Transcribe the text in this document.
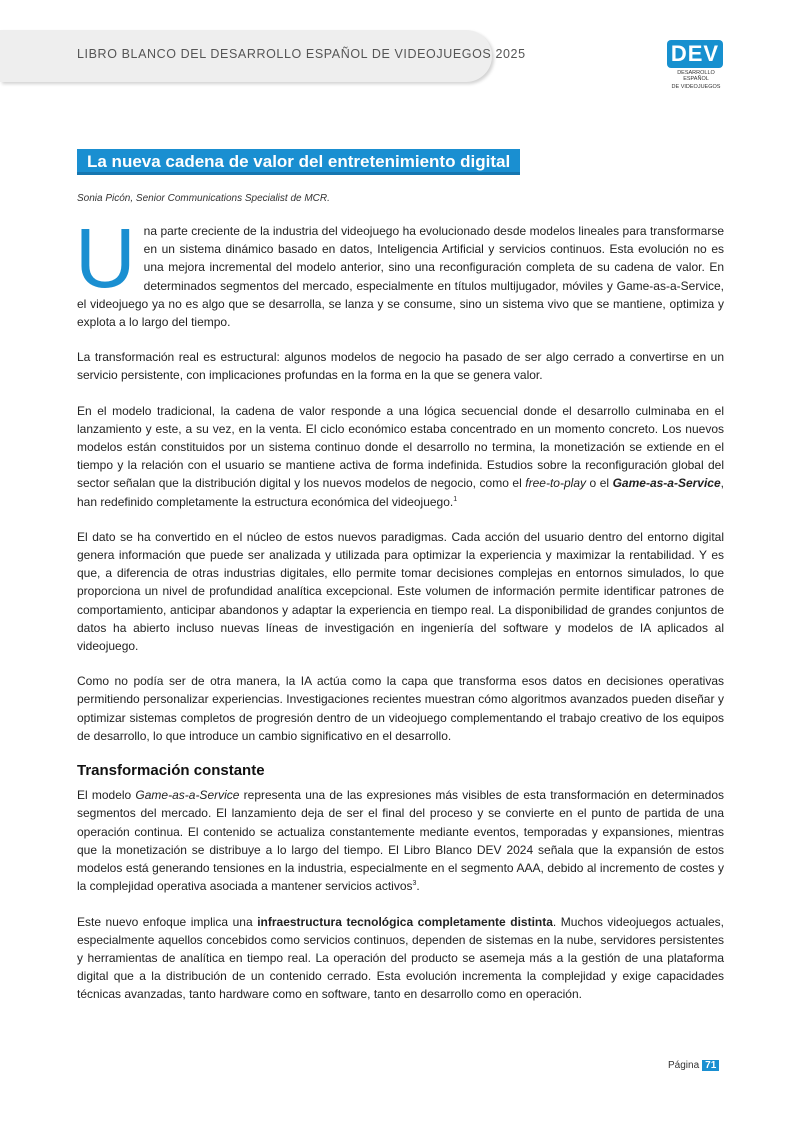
LIBRO BLANCO DEL DESARROLLO ESPAÑOL DE VIDEOJUEGOS 2025	DEV
DESARROLLO ESPAÑOL
DE VIDEOJUEGOS
La nueva cadena de valor del entretenimiento digital
Sonia Picón, Senior Communications Specialist de MCR.

Una parte creciente de la industria del videojuego ha evolucionado desde modelos lineales para transformarse en un sistema dinámico basado en datos, Inteligencia Artificial y servicios continuos. Esta evolución no es una mejora incremental del modelo anterior, sino una reconfiguración completa de su cadena de valor. En determinados segmentos del mercado, especialmente en títulos multijugador, móviles y Game-as-a-Service, el videojuego ya no es algo que se desarrolla, se lanza y se consume, sino un sistema vivo que se mantiene, optimiza y explota a lo largo del tiempo.

La transformación real es estructural: algunos modelos de negocio ha pasado de ser algo cerrado a convertirse en un servicio persistente, con implicaciones profundas en la forma en la que se genera valor.

En el modelo tradicional, la cadena de valor responde a una lógica secuencial donde el desarrollo culminaba en el lanzamiento y este, a su vez, en la venta. El ciclo económico estaba concentrado en un momento concreto. Los nuevos modelos están constituidos por un sistema continuo donde el desarrollo no termina, la monetización se extiende en el tiempo y la relación con el usuario se mantiene activa de forma indefinida. Estudios sobre la reconfiguración global del sector señalan que la distribución digital y los nuevos modelos de negocio, como el free-to-play o el Game-as-a-Service, han redefinido completamente la estructura económica del videojuego.$^1$

El dato se ha convertido en el núcleo de estos nuevos paradigmas. Cada acción del usuario dentro del entorno digital genera información que puede ser analizada y utilizada para optimizar la experiencia y maximizar la rentabilidad. Y es que, a diferencia de otras industrias digitales, ello permite tomar decisiones complejas en entornos simulados, lo que proporciona un nivel de profundidad analítica excepcional. Este volumen de información permite identificar patrones de comportamiento, anticipar abandonos y adaptar la experiencia en tiempo real. La disponibilidad de grandes conjuntos de datos ha abierto incluso nuevas líneas de investigación en ingeniería del software y modelos de IA aplicados al videojuego.

Como no podía ser de otra manera, la IA actúa como la capa que transforma esos datos en decisiones operativas permitiendo personalizar experiencias. Investigaciones recientes muestran cómo algoritmos avanzados pueden diseñar y optimizar sistemas completos de progresión dentro de un videojuego complementando el trabajo creativo de los equipos de desarrollo, lo que introduce un cambio significativo en el desarrollo.

Transformación constante

El modelo Game-as-a-Service representa una de las expresiones más visibles de esta transformación en determinados segmentos del mercado. El lanzamiento deja de ser el final del proceso y se convierte en el punto de partida de una operación continua. El contenido se actualiza constantemente mediante eventos, temporadas y expansiones, mientras que la monetización se distribuye a lo largo del tiempo. El Libro Blanco DEV 2024 señala que la expansión de estos modelos está generando tensiones en la industria, especialmente en el segmento AAA, debido al incremento de costes y la complejidad operativa asociada a mantener servicios activos$^3$.

Este nuevo enfoque implica una infraestructura tecnológica completamente distinta. Muchos videojuegos actuales, especialmente aquellos concebidos como servicios continuos, dependen de sistemas en la nube, servidores persistentes y herramientas de analítica en tiempo real. La operación del producto se asemeja más a la gestión de una plataforma digital que a la distribución de un contenido cerrado. Esta evolución incrementa la complejidad y exige capacidades técnicas avanzadas, tanto hardware como en software, tanto en desarrollo como en operación.

Página 71
